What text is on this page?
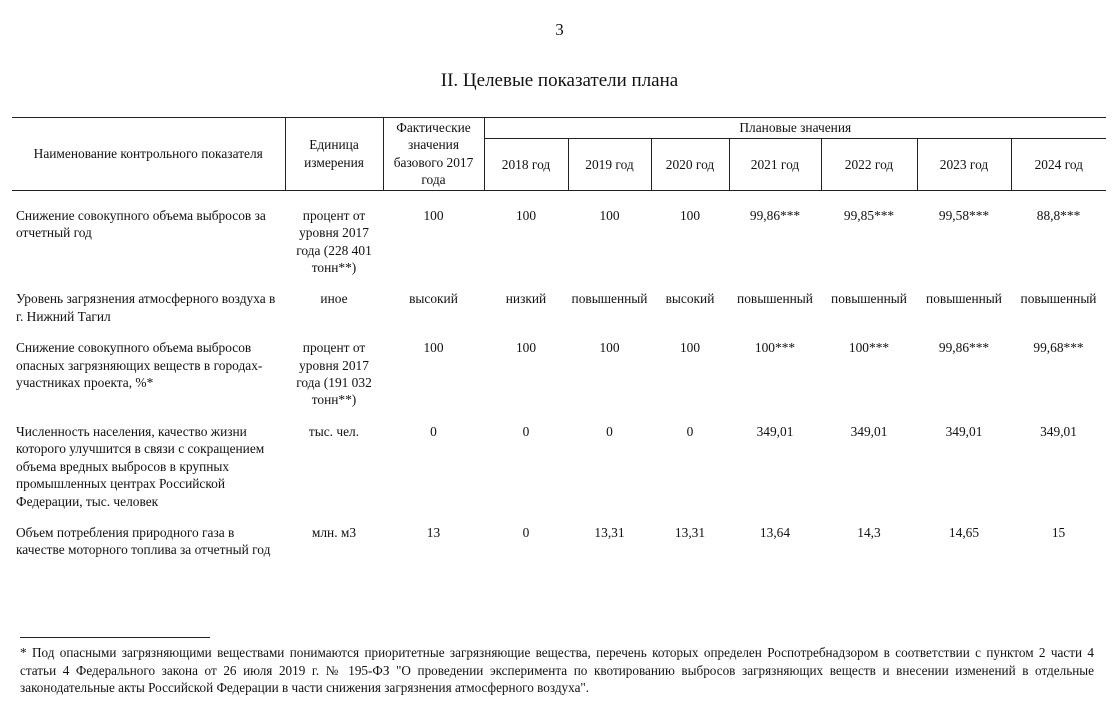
3
II. Целевые показатели плана
Наименование контрольного показателя	Единица измерения	Фактические значения базового 2017 года	Плановые значения						
			2018 год	2019 год	2020 год	2021 год	2022 год	2023 год	2024 год
Снижение совокупного объема выбросов за отчетный год	процент от уровня 2017 года (228 401 тонн**)	100	100	100	100	99,86***	99,85***	99,58***	88,8***
Уровень загрязнения атмосферного воздуха в г. Нижний Тагил	иное	высокий	низкий	повышенный	высокий	повышенный	повышенный	повышенный	повышенный
Снижение совокупного объема выбросов опасных загрязняющих веществ в городах-участниках проекта, %*	процент от уровня 2017 года (191 032 тонн**)	100	100	100	100	100***	100***	99,86***	99,68***
Численность населения, качество жизни которого улучшится в связи с сокращением объема вредных выбросов в крупных промышленных центрах Российской Федерации, тыс. человек	тыс. чел.	0	0	0	0	349,01	349,01	349,01	349,01
Объем потребления природного газа в качестве моторного топлива за отчетный год	млн. м3	13	0	13,31	13,31	13,64	14,3	14,65	15
* Под опасными загрязняющими веществами понимаются приоритетные загрязняющие вещества, перечень которых определен Роспотребнадзором в соответствии с пунктом 2 части 4 статьи 4 Федерального закона от 26 июля 2019 г. № 195-ФЗ "О проведении эксперимента по квотированию выбросов загрязняющих веществ и внесении изменений в отдельные законодательные акты Российской Федерации в части снижения загрязнения атмосферного воздуха".
